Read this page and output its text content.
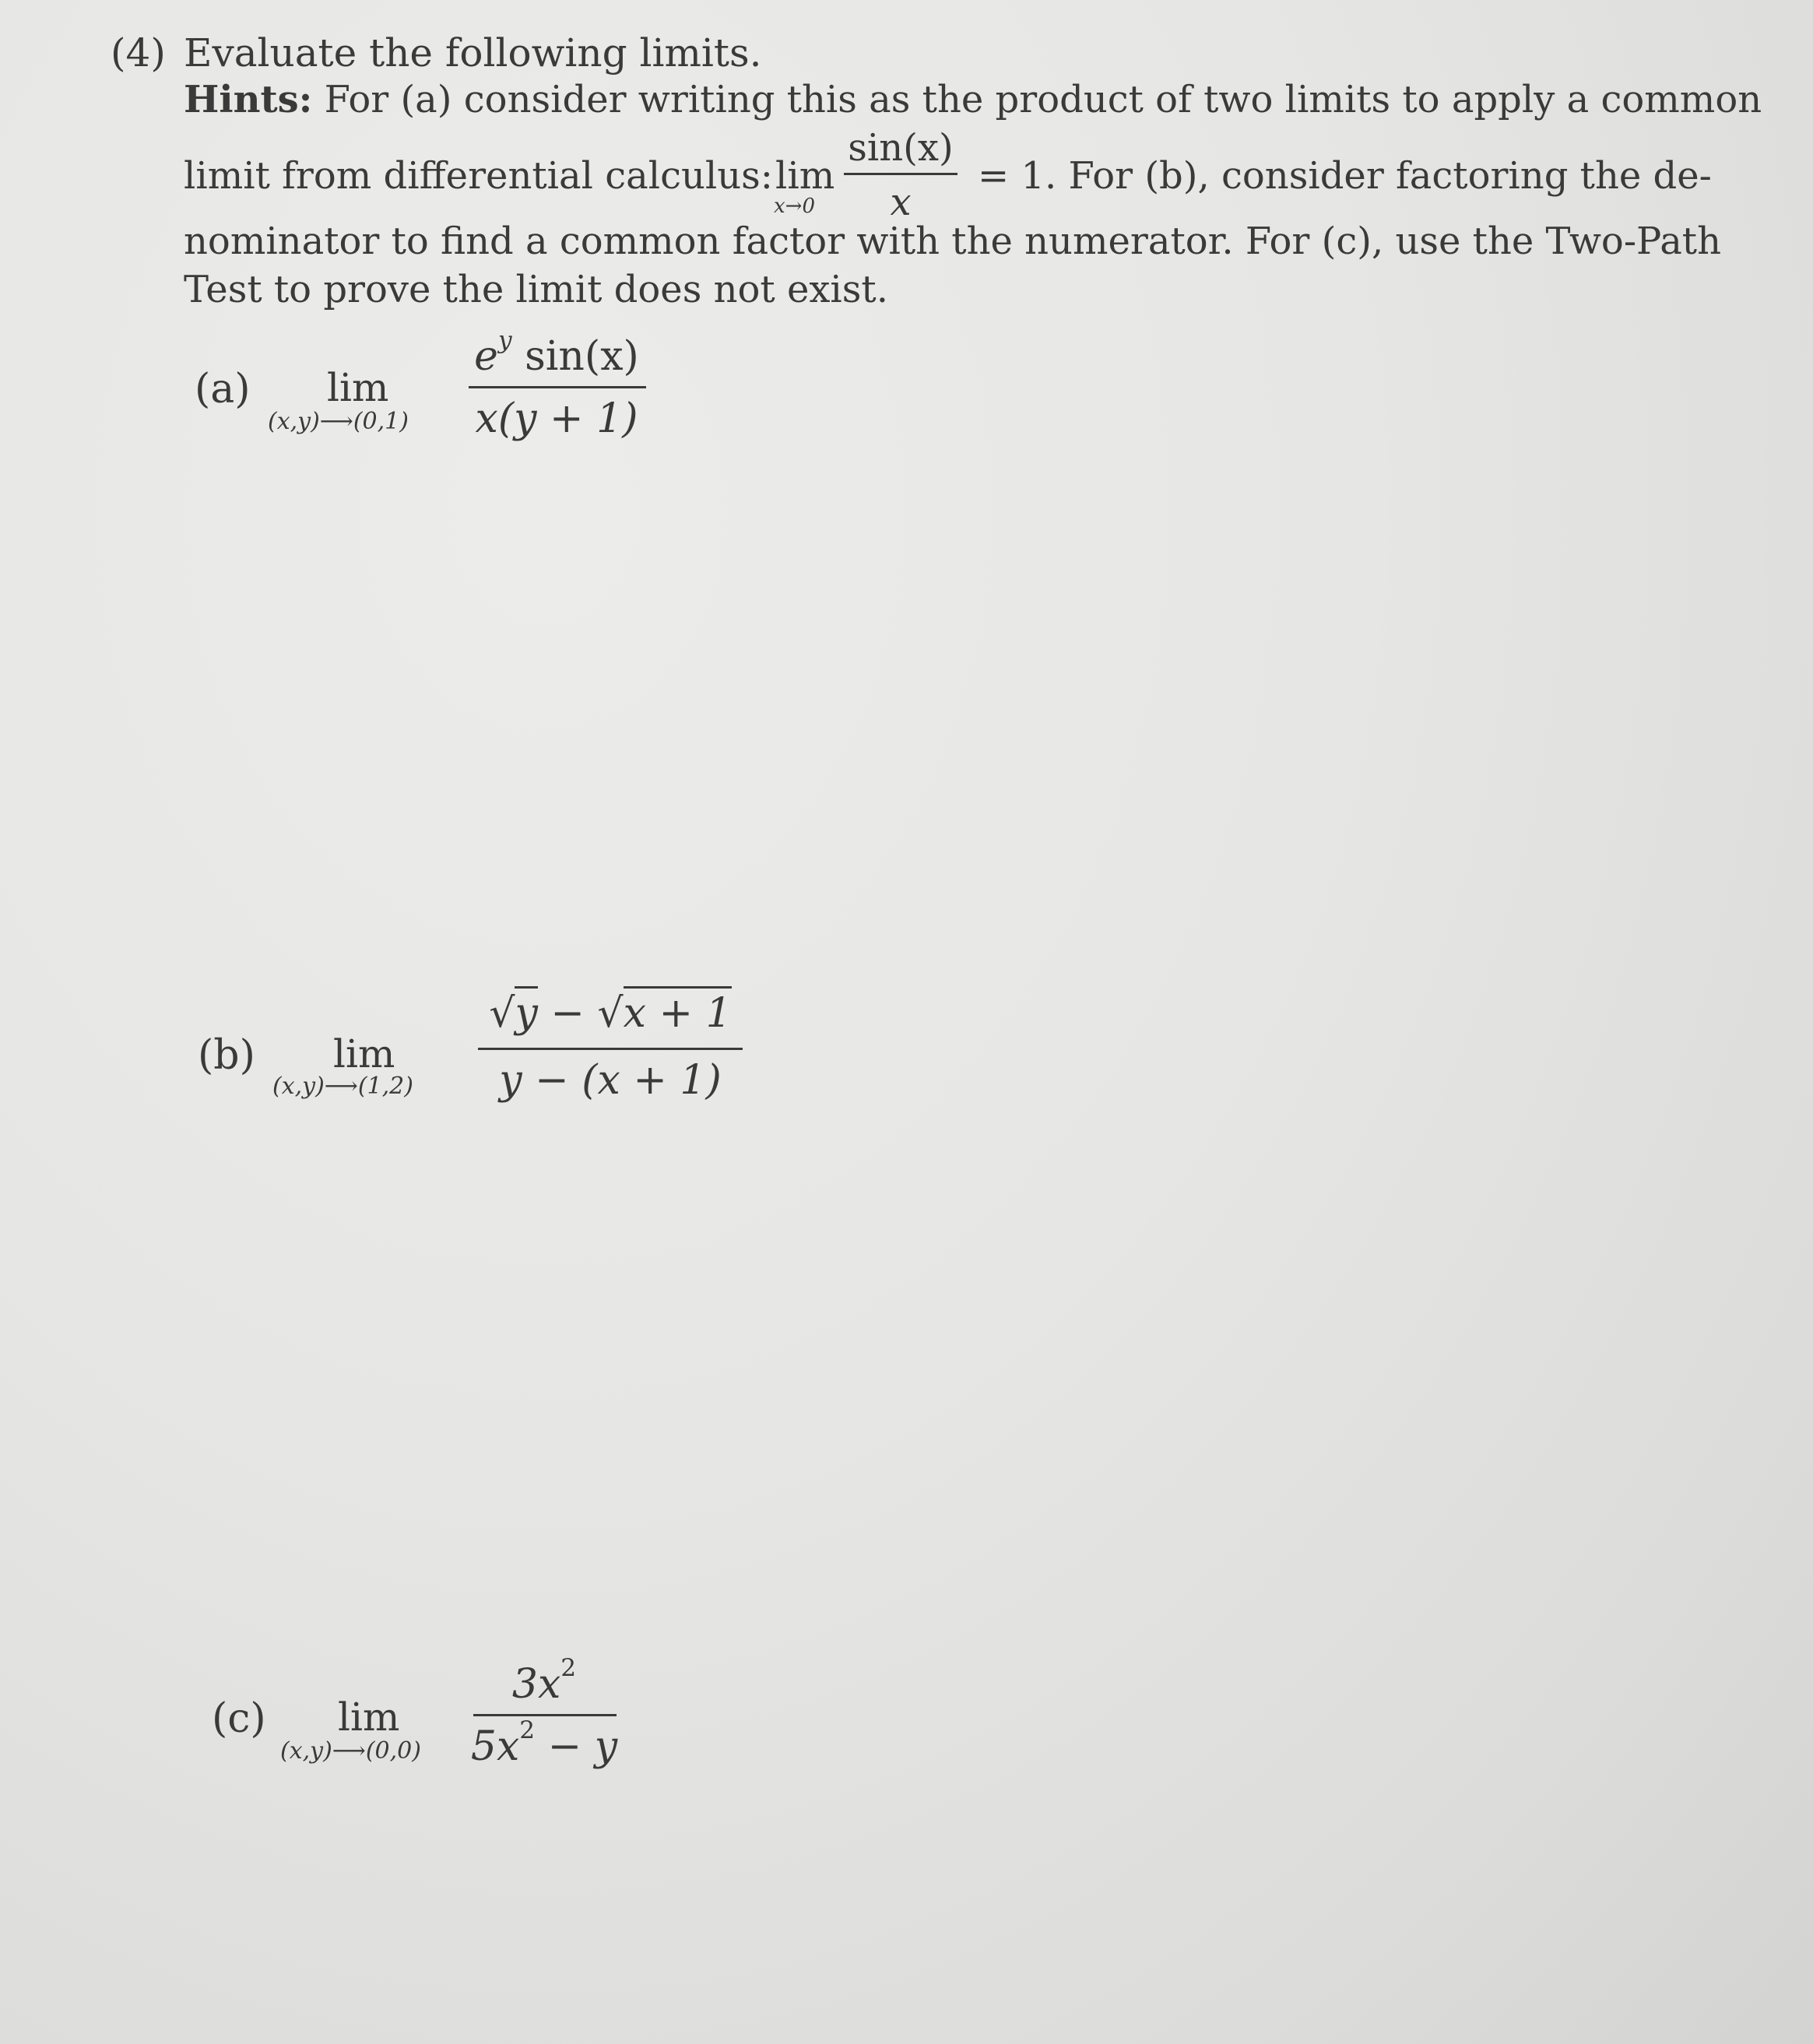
(4) Evaluate the following limits.
Hints: For (a) consider writing this as the product of two limits to apply a common
limit from differential calculus: lim
x→0
sin(x)
x
= 1. For (b), consider factoring the de-
nominator to find a common factor with the numerator. For (c), use the Two-Path
Test to prove the limit does not exist.
(a) lim
(x,y)⟶(0,1)
$e^y$ sin(x)
x(y + 1)
(b) lim
(x,y)⟶(1,2)
√y − √x + 1
y − (x + 1)
(c) lim
(x,y)⟶(0,0)
$3x^2$
$5x^2 - y$
